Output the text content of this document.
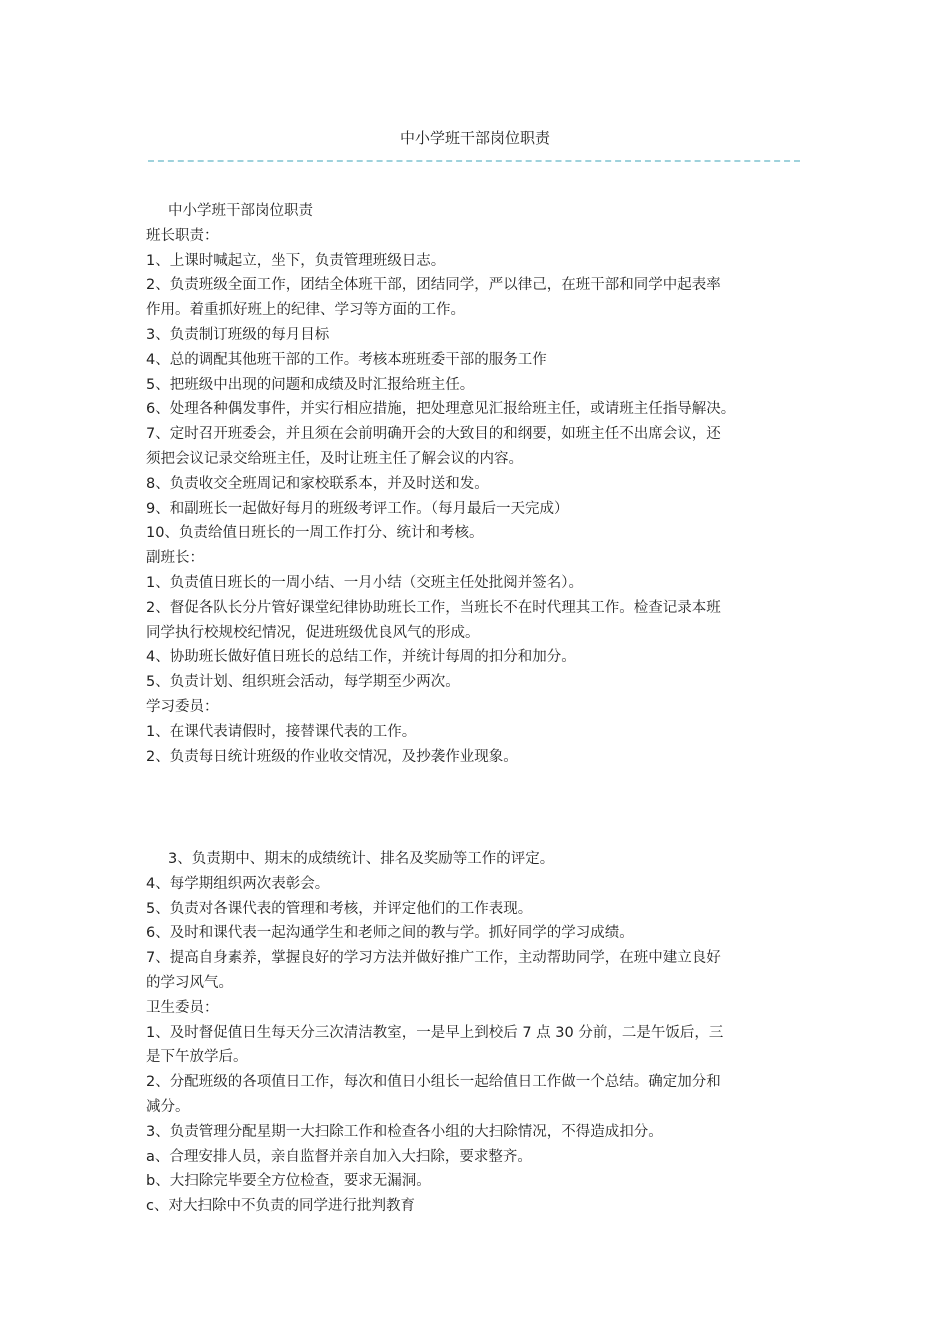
中小学班干部岗位职责

中小学班干部岗位职责

班长职责：

1、上课时喊起立，坐下，负责管理班级日志。

2、负责班级全面工作，团结全体班干部，团结同学，严以律己，在班干部和同学中起表率

作用。着重抓好班上的纪律、学习等方面的工作。

3、负责制订班级的每月目标

4、总的调配其他班干部的工作。考核本班班委干部的服务工作

5、把班级中出现的问题和成绩及时汇报给班主任。

6、处理各种偶发事件，并实行相应措施，把处理意见汇报给班主任，或请班主任指导解决。

7、定时召开班委会，并且须在会前明确开会的大致目的和纲要，如班主任不出席会议，还

须把会议记录交给班主任，及时让班主任了解会议的内容。

8、负责收交全班周记和家校联系本，并及时送和发。

9、和副班长一起做好每月的班级考评工作。（每月最后一天完成）

10、负责给值日班长的一周工作打分、统计和考核。

副班长：

1、负责值日班长的一周小结、一月小结（交班主任处批阅并签名）。

2、督促各队长分片管好课堂纪律协助班长工作，当班长不在时代理其工作。检查记录本班

同学执行校规校纪情况，促进班级优良风气的形成。

4、协助班长做好值日班长的总结工作，并统计每周的扣分和加分。

5、负责计划、组织班会活动，每学期至少两次。

学习委员：

1、在课代表请假时，接替课代表的工作。

2、负责每日统计班级的作业收交情况，及抄袭作业现象。

3、负责期中、期末的成绩统计、排名及奖励等工作的评定。

4、每学期组织两次表彰会。

5、负责对各课代表的管理和考核，并评定他们的工作表现。

6、及时和课代表一起沟通学生和老师之间的教与学。抓好同学的学习成绩。

7、提高自身素养，掌握良好的学习方法并做好推广工作，主动帮助同学，在班中建立良好

的学习风气。

卫生委员：

1、及时督促值日生每天分三次清洁教室，一是早上到校后 7 点 30 分前，二是午饭后，三

是下午放学后。

2、分配班级的各项值日工作，每次和值日小组长一起给值日工作做一个总结。确定加分和

减分。

3、负责管理分配星期一大扫除工作和检查各小组的大扫除情况，不得造成扣分。

a、合理安排人员，亲自监督并亲自加入大扫除，要求整齐。

b、大扫除完毕要全方位检查，要求无漏洞。

c、对大扫除中不负责的同学进行批判教育
